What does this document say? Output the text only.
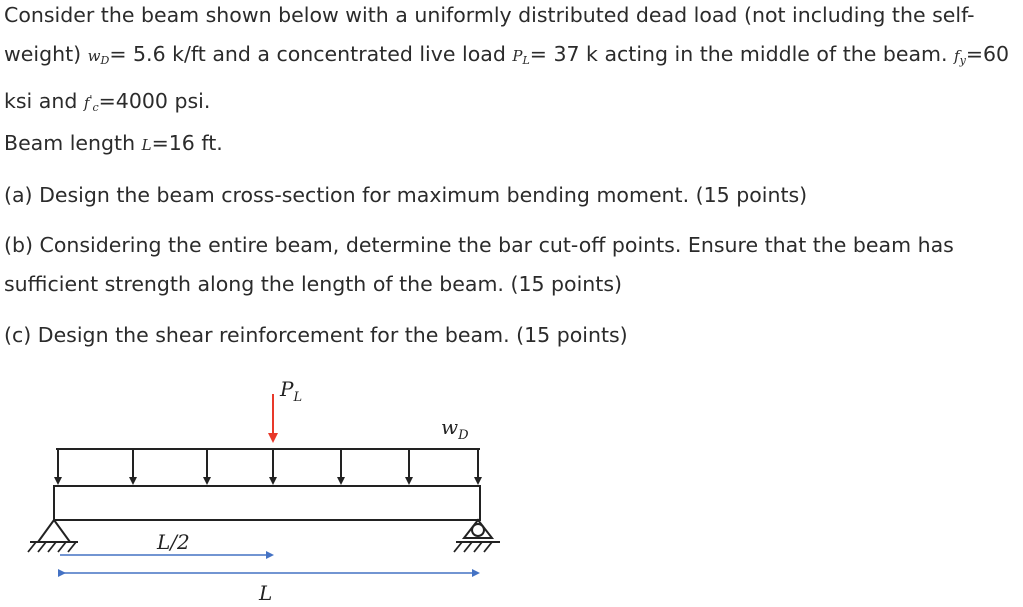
Consider the beam shown below with a uniformly distributed dead load (not including the self-
weight) $w_D= 5.6$ k/ft and a concentrated live load $P_L= 37$ k acting in the middle of the beam. $f_y=60$
ksi and $f'_c=4000$ psi.

Beam length L=16 ft.

(a) Design the beam cross-section for maximum bending moment. (15 points)

(b) Considering the entire beam, determine the bar cut-off points. Ensure that the beam has
sufficient strength along the length of the beam. (15 points)

(c) Design the shear reinforcement for the beam. (15 points)

$P_L$
$w_D$
L/2
L
